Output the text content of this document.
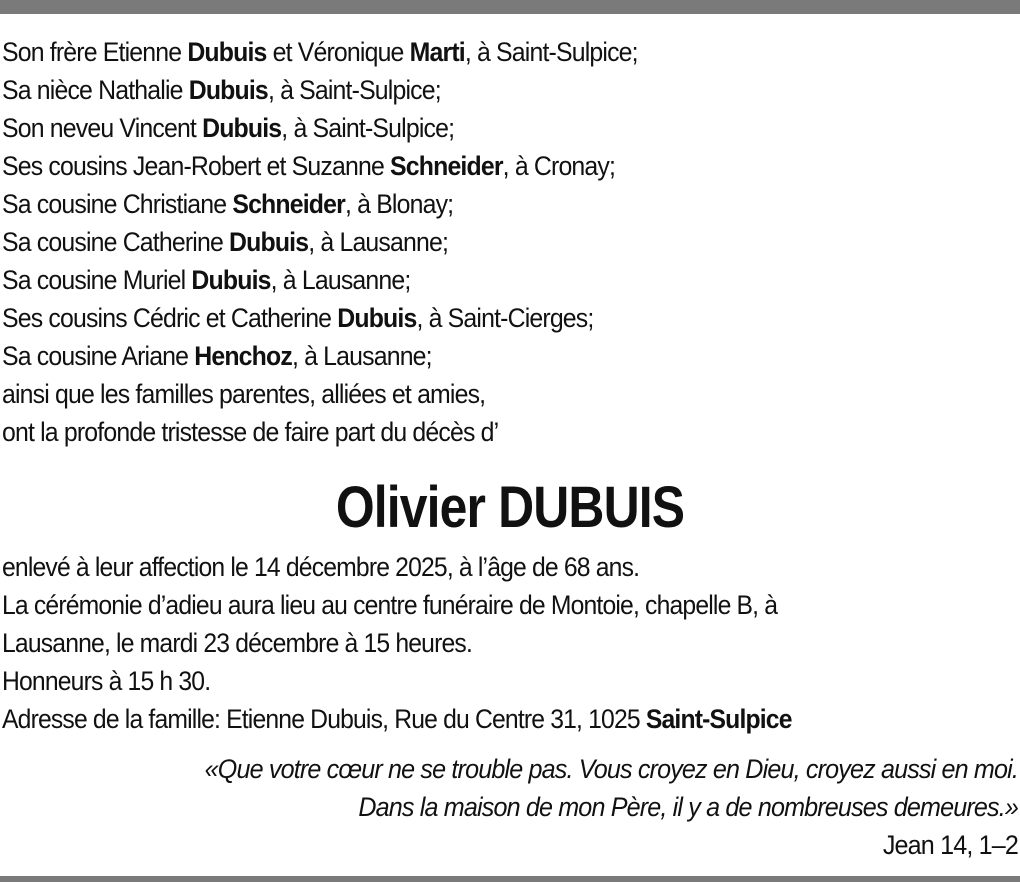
Son frère Etienne Dubuis et Véronique Marti, à Saint-Sulpice;
Sa nièce Nathalie Dubuis, à Saint-Sulpice;
Son neveu Vincent Dubuis, à Saint-Sulpice;
Ses cousins Jean-Robert et Suzanne Schneider, à Cronay;
Sa cousine Christiane Schneider, à Blonay;
Sa cousine Catherine Dubuis, à Lausanne;
Sa cousine Muriel Dubuis, à Lausanne;
Ses cousins Cédric et Catherine Dubuis, à Saint-Cierges;
Sa cousine Ariane Henchoz, à Lausanne;
ainsi que les familles parentes, alliées et amies,
ont la profonde tristesse de faire part du décès d’
Olivier DUBUIS
enlevé à leur affection le 14 décembre 2025, à l’âge de 68 ans.
La cérémonie d’adieu aura lieu au centre funéraire de Montoie, chapelle B, à
Lausanne, le mardi 23 décembre à 15 heures.
Honneurs à 15 h 30.
Adresse de la famille: Etienne Dubuis, Rue du Centre 31, 1025 Saint-Sulpice
«Que votre cœur ne se trouble pas. Vous croyez en Dieu, croyez aussi en moi.
Dans la maison de mon Père, il y a de nombreuses demeures.»
Jean 14, 1–2
